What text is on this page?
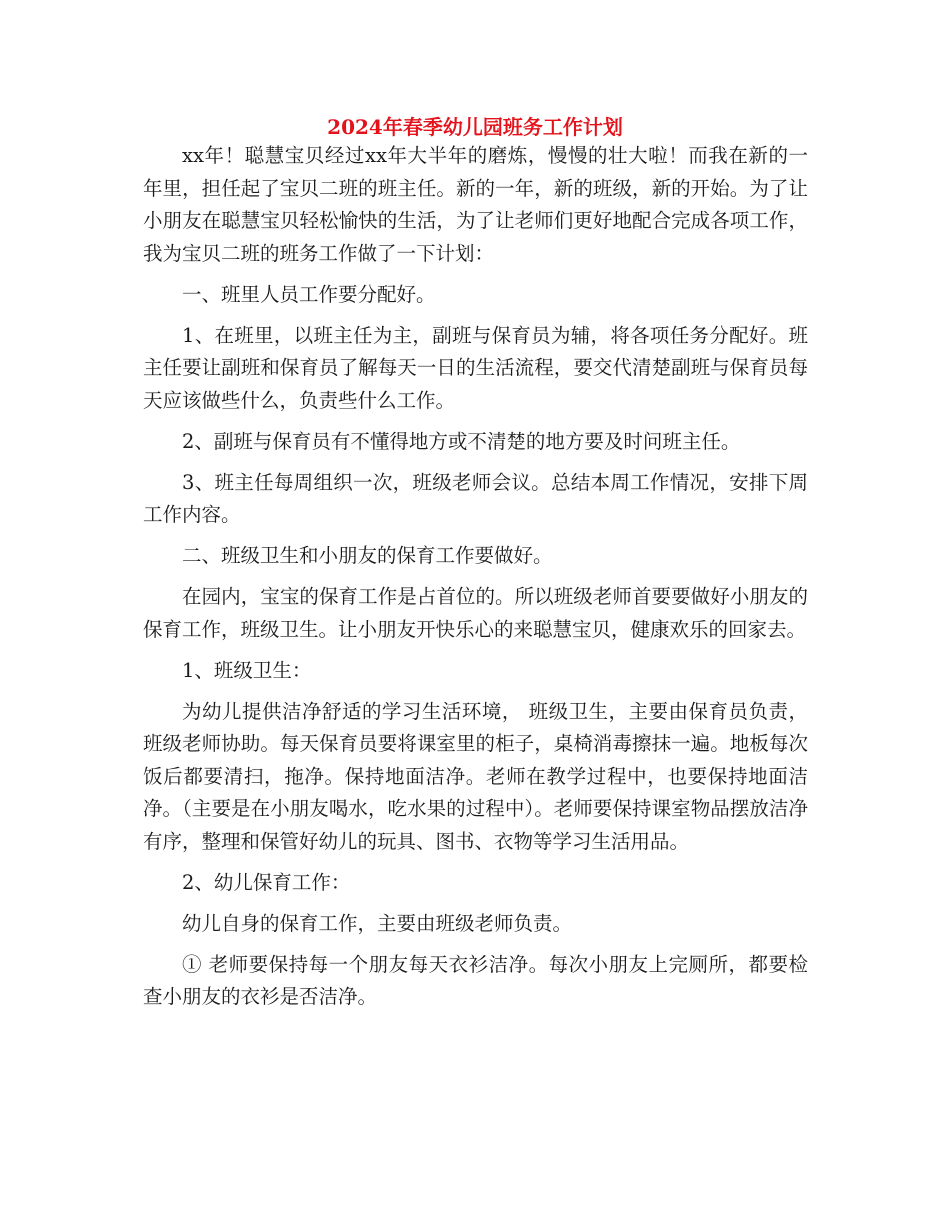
2024年春季幼儿园班务工作计划

xx年！聪慧宝贝经过xx年大半年的磨炼，慢慢的壮大啦！而我在新的一年里，担任起了宝贝二班的班主任。新的一年，新的班级，新的开始。为了让小朋友在聪慧宝贝轻松愉快的生活，为了让老师们更好地配合完成各项工作，我为宝贝二班的班务工作做了一下计划：

一、班里人员工作要分配好。

1、在班里，以班主任为主，副班与保育员为辅，将各项任务分配好。班主任要让副班和保育员了解每天一日的生活流程，要交代清楚副班与保育员每天应该做些什么，负责些什么工作。

2、副班与保育员有不懂得地方或不清楚的地方要及时问班主任。

3、班主任每周组织一次，班级老师会议。总结本周工作情况，安排下周工作内容。

二、班级卫生和小朋友的保育工作要做好。

在园内，宝宝的保育工作是占首位的。所以班级老师首要要做好小朋友的保育工作，班级卫生。让小朋友开快乐心的来聪慧宝贝，健康欢乐的回家去。

1、班级卫生：

为幼儿提供洁净舒适的学习生活环境， 班级卫生，主要由保育员负责，班级老师协助。每天保育员要将课室里的柜子，桌椅消毒擦抹一遍。地板每次饭后都要清扫，拖净。保持地面洁净。老师在教学过程中，也要保持地面洁净。（主要是在小朋友喝水，吃水果的过程中）。老师要保持课室物品摆放洁净有序，整理和保管好幼儿的玩具、图书、衣物等学习生活用品。

2、幼儿保育工作：

幼儿自身的保育工作，主要由班级老师负责。

① 老师要保持每一个朋友每天衣衫洁净。每次小朋友上完厕所，都要检查小朋友的衣衫是否洁净。
